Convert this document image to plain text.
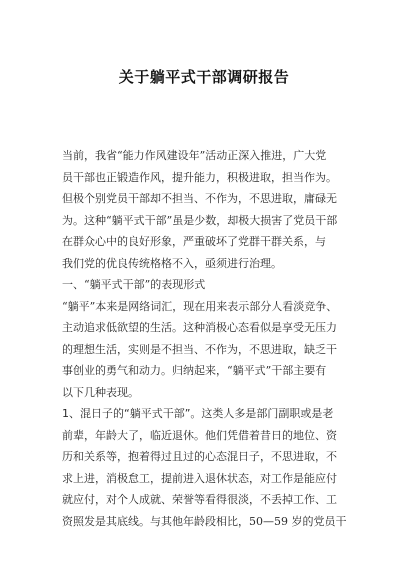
关于躺平式干部调研报告
当前，我省“能力作风建设年”活动正深入推进，广大党
员干部也正锻造作风，提升能力，积极进取，担当作为。
但极个别党员干部却不担当、不作为，不思进取，庸碌无
为。这种“躺平式干部”虽是少数，却极大损害了党员干部
在群众心中的良好形象，严重破坏了党群干群关系，与
我们党的优良传统格格不入，亟须进行治理。
一、“躺平式干部”的表现形式
“躺平”本来是网络词汇，现在用来表示部分人看淡竞争、
主动追求低欲望的生活。这种消极心态看似是享受无压力
的理想生活，实则是不担当、不作为，不思进取，缺乏干
事创业的勇气和动力。归纳起来，“躺平式”干部主要有
以下几种表现。
1、混日子的“躺平式干部”。这类人多是部门副职或是老
前辈，年龄大了，临近退休。他们凭借着昔日的地位、资
历和关系等，抱着得过且过的心态混日子，不思进取，不
求上进，消极怠工，提前进入退休状态，对工作是能应付
就应付，对个人成就、荣誉等看得很淡，不丢掉工作、工
资照发是其底线。与其他年龄段相比，50—59 岁的党员干
